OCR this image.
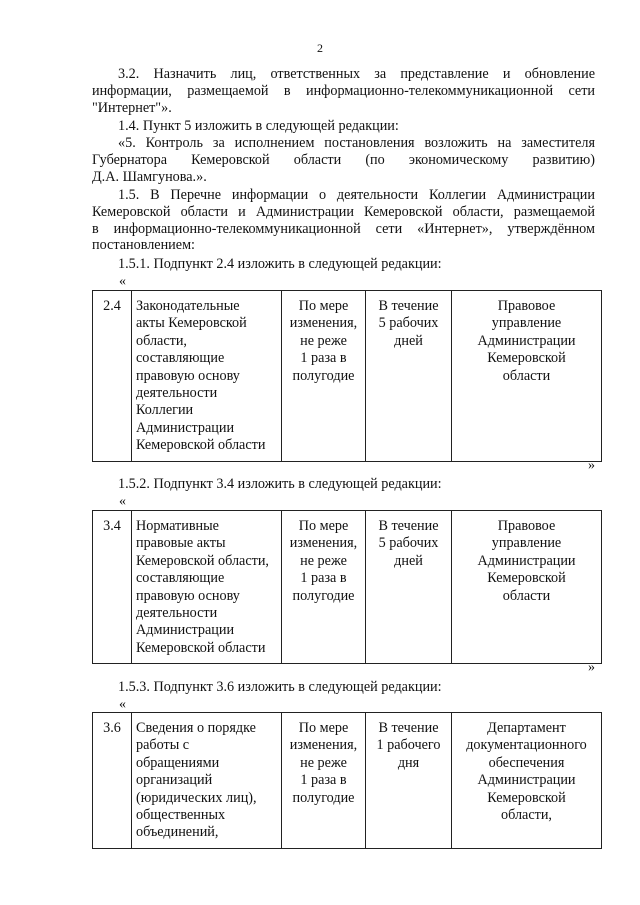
2
3.2. Назначить лиц, ответственных за представление и обновление
информации, размещаемой в информационно-телекоммуникационной сети
"Интернет"».
1.4. Пункт 5 изложить в следующей редакции:
«5. Контроль за исполнением постановления возложить на заместителя
Губернатора Кемеровской области (по экономическому развитию)
Д.А. Шамгунова.».
1.5. В Перечне информации о деятельности Коллегии Администрации
Кемеровской области и Администрации Кемеровской области, размещаемой
в информационно-телекоммуникационной сети «Интернет», утверждённом
постановлением:
1.5.1. Подпункт 2.4 изложить в следующей редакции:
«
2.4	Законодательные
акты Кемеровской
области,
составляющие
правовую основу
деятельности
Коллегии
Администрации
Кемеровской области

По мере
изменения,
не реже
1 раза в
полугодие

В течение
5 рабочих
дней

Правовое
управление
Администрации
Кемеровской
области
»
1.5.2. Подпункт 3.4 изложить в следующей редакции:
«
3.4	Нормативные
правовые акты
Кемеровской области,
составляющие
правовую основу
деятельности
Администрации
Кемеровской области

По мере
изменения,
не реже
1 раза в
полугодие

В течение
5 рабочих
дней

Правовое
управление
Администрации
Кемеровской
области
»
1.5.3. Подпункт 3.6 изложить в следующей редакции:
«
3.6	Сведения о порядке
работы с
обращениями
организаций
(юридических лиц),
общественных
объединений,

По мере
изменения,
не реже
1 раза в
полугодие

В течение
1 рабочего
дня

Департамент
документационного
обеспечения
Администрации
Кемеровской
области,
